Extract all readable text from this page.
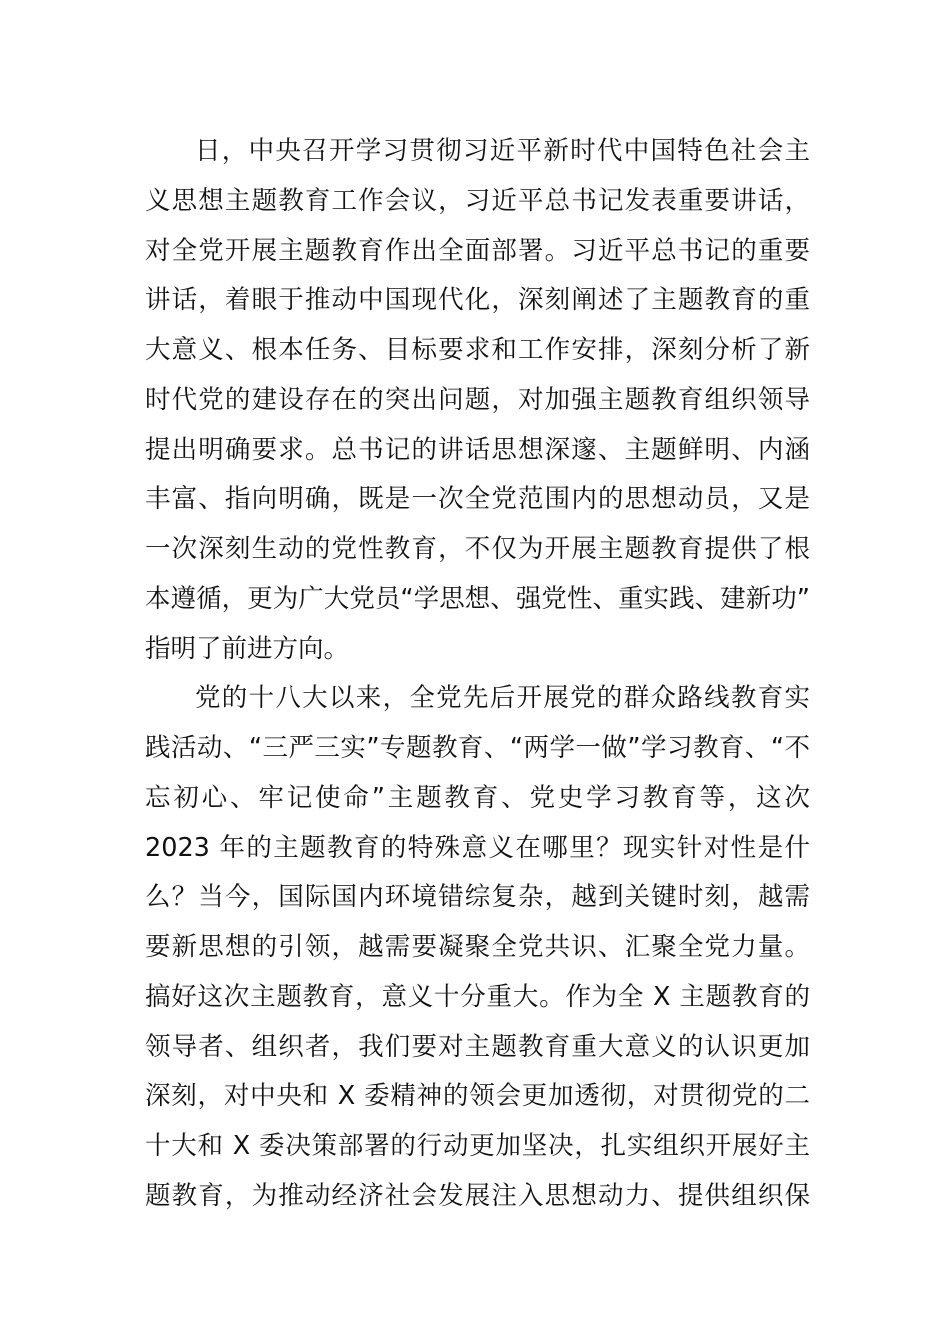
日，中央召开学习贯彻习近平新时代中国特色社会主
义思想主题教育工作会议，习近平总书记发表重要讲话，
对全党开展主题教育作出全面部署。习近平总书记的重要
讲话，着眼于推动中国现代化，深刻阐述了主题教育的重
大意义、根本任务、目标要求和工作安排，深刻分析了新
时代党的建设存在的突出问题，对加强主题教育组织领导
提出明确要求。总书记的讲话思想深邃、主题鲜明、内涵
丰富、指向明确，既是一次全党范围内的思想动员，又是
一次深刻生动的党性教育，不仅为开展主题教育提供了根
本遵循，更为广大党员“学思想、强党性、重实践、建新功”
指明了前进方向。
党的十八大以来，全党先后开展党的群众路线教育实
践活动、“三严三实”专题教育、“两学一做”学习教育、“不
忘初心、牢记使命”主题教育、党史学习教育等，这次
2023 年的主题教育的特殊意义在哪里？现实针对性是什
么？当今，国际国内环境错综复杂，越到关键时刻，越需
要新思想的引领，越需要凝聚全党共识、汇聚全党力量。
搞好这次主题教育，意义十分重大。作为全 X 主题教育的
领导者、组织者，我们要对主题教育重大意义的认识更加
深刻，对中央和 X 委精神的领会更加透彻，对贯彻党的二
十大和 X 委决策部署的行动更加坚决，扎实组织开展好主
题教育，为推动经济社会发展注入思想动力、提供组织保
